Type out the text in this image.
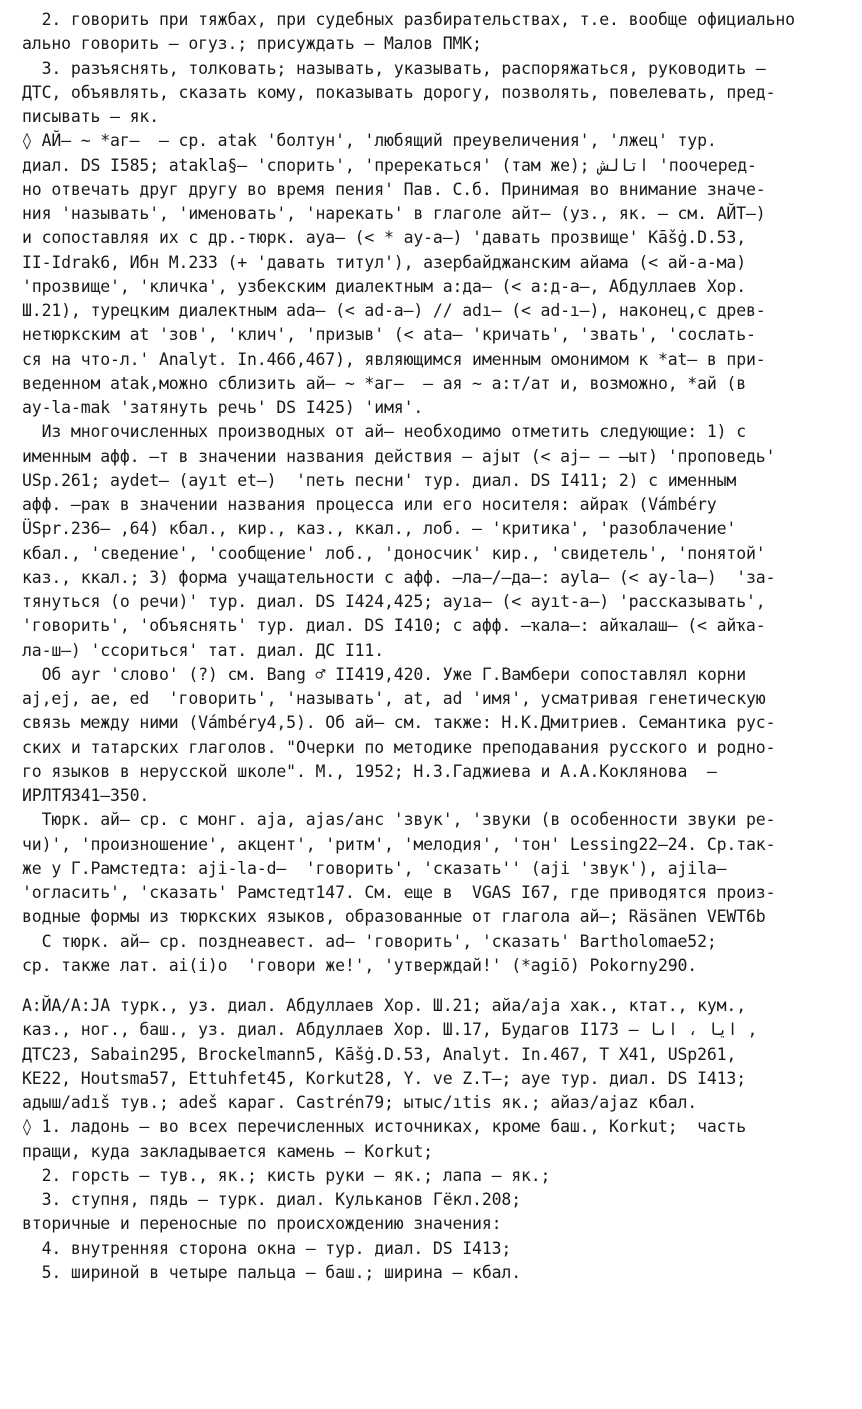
2. говорить при тяжбах, при судебных разбирательствах, т.е. вообще официально
ально говорить – огуз.; присуждать – Малов ПМК;
3. разъяснять, толковать; называть, указывать, распоряжаться, руководить –
ДТС, объявлять, сказать кому, показывать дорогу, позволять, повелевать, пред-
писывать – як.
◊ АЙ– ~ *аг–  – ср. atak 'болтун', 'любящий преувеличения', 'лжец' тур.
диал. DS I585; atakla§– 'спорить', 'пререкаться' (там же); اتالش 'поочеред-
но отвечать друг другу во время пения' Пав. С.б. Принимая во внимание значе-
ния 'называть', 'именовать', 'нарекать' в глаголе айт– (уз., як. – см. АЙТ–)
и сопоставляя их с др.-тюрк. aya– (< * ay-a–) 'давать прозвище' Kāšġ.D.53,
II-Idrak6, Ибн М.233 (+ 'давать титул'), азербайджанским айама (< ай-а-ма)
'прозвище', 'кличка', узбекским диалектным а:да– (< а:д-а–, Абдуллаев Хор.
Ш.21), турецким диалектным ada– (< ad-a–) // adı– (< ad-ı–), наконец,с древ-
нетюркским at 'зов', 'клич', 'призыв' (< ata– 'кричать', 'звать', 'сослать-
ся на что-л.' Analyt. In.466,467), являющимся именным омонимом к *at– в при-
веденном atak,можно сблизить ай– ~ *аг–  – ая ~ а:т/ат и, возможно, *ай (в
ay-la-mak 'затянуть речь' DS I425) 'имя'.
Из многочисленных производных от ай– необходимо отметить следующие: 1) с
именным афф. –т в значении названия действия – ajыт (< aj– – –ыт) 'проповедь'
USp.261; aydet– (ayıt et–)  'петь песни' тур. диал. DS I411; 2) с именным
афф. –раҡ в значении названия процесса или его носителя: айраҡ (Vámbéry
ÜSpr.236– ,64) кбал., кир., каз., ккал., лоб. – 'критика', 'разоблачение'
кбал., 'сведение', 'сообщение' лоб., 'доносчик' кир., 'свидетель', 'понятой'
каз., ккал.; 3) форма учащательности с афф. –ла–/–да–: ayla– (< ay-la–)  'за-
тянуться (о речи)' тур. диал. DS I424,425; ayıa– (< ayıt-a–) 'рассказывать',
'говорить', 'объяснять' тур. диал. DS I410; с афф. –ҡала–: айҡалаш– (< айҡа-
ла-ш–) 'ссориться' тат. диал. ДС I11.
Об ayr 'слово' (?) см. Bang ♂ II419,420. Уже Г.Вамбери сопоставлял корни
aj,ej, ae, ed  'говорить', 'называть', at, ad 'имя', усматривая генетическую
связь между ними (Vámbéry4,5). Об ай– см. также: Н.К.Дмитриев. Семантика рус-
ских и татарских глаголов. "Очерки по методике преподавания русского и родно-
го языков в нерусской школе". М., 1952; Н.З.Гаджиева и А.А.Коклянова  –
ИРЛТЯ341–350.
Тюрк. ай– ср. с монг. aja, ajas/анс 'звук', 'звуки (в особенности звуки ре-
чи)', 'произношение', акцент', 'ритм', 'мелодия', 'тон' Lessing22–24. Ср.так-
же у Г.Рамстедта: aji-la-d–  'говорить', 'сказать'' (aji 'звук'), ajila–
'огласить', 'сказать' Рамстедт147. См. еще в  VGAS I67, где приводятся произ-
водные формы из тюркских языков, образованные от глагола ай–; Räsänen VEWT6b
С тюрк. ай– ср. позднеавест. ad– 'говорить', 'сказать' Bartholomae52;
ср. также лат. ai(i)o  'говори же!', 'утверждай!' (*agiō) Pokorny290.
А:ЙА/А:JA турк., уз. диал. Абдуллаев Хор. Ш.21; айа/aja хак., ктат., кум.,
каз., ног., баш., уз. диал. Абдуллаев Хор. Ш.17, Будагов I173 – ايا ، اىا ,
ДТС23, Sabain295, Brockelmann5, Kāšġ.D.53, Analyt. In.467, T X41, USp261,
KE22, Houtsma57, Ettuhfet45, Korkut28, Y. ve Z.T–; aye тур. диал. DS I413;
адыш/adıš тув.; adeš караг. Castrén79; ытыс/ıtis як.; айаз/ajaz кбал.
◊ 1. ладонь – во всех перечисленных источниках, кроме баш., Korkut;  часть
пращи, куда закладывается камень – Korkut;
2. горсть – тув., як.; кисть руки – як.; лапа – як.;
3. ступня, пядь – турк. диал. Кульканов Гёкл.208;
вторичные и переносные по происхождению значения:
4. внутренняя сторона окна – тур. диал. DS I413;
5. шириной в четыре пальца – баш.; ширина – кбал.
